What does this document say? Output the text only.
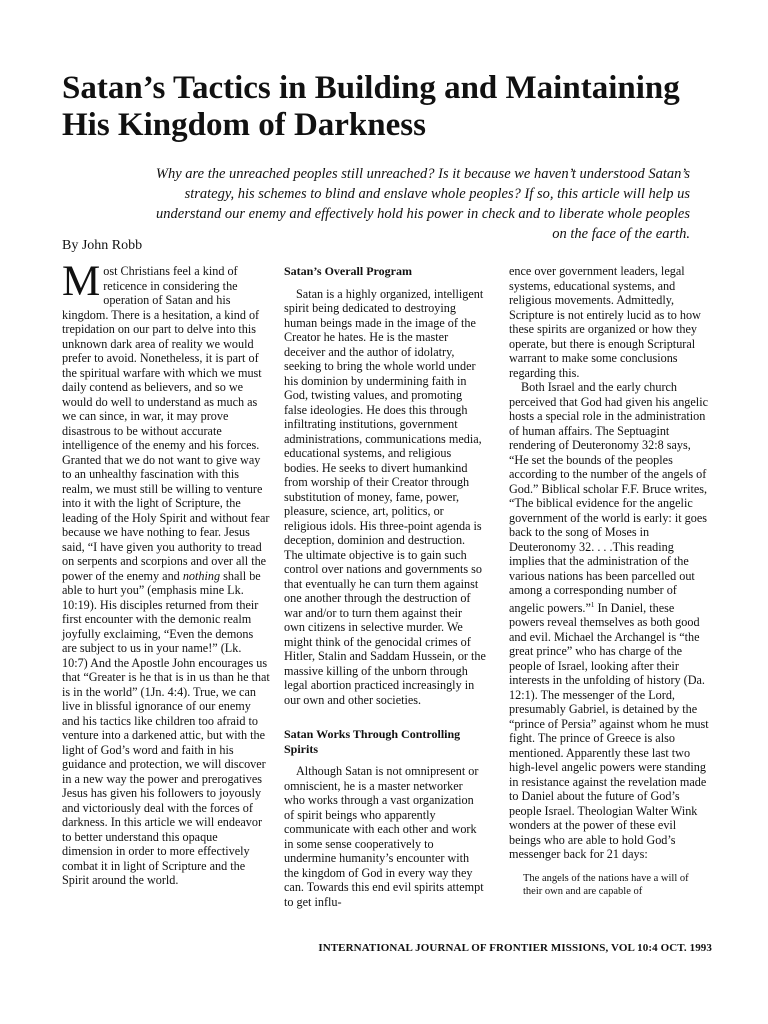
Satan’s Tactics in Building and Maintaining His Kingdom of Darkness

Why are the unreached peoples still unreached? Is it because we haven’t understood Satan’s strategy, his schemes to blind and enslave whole peoples? If so, this article will help us understand our enemy and effectively hold his power in check and to liberate whole peoples on the face of the earth.

By John Robb

Most Christians feel a kind of reticence in considering the operation of Satan and his kingdom. There is a hesitation, a kind of trepidation on our part to delve into this unknown dark area of reality we would prefer to avoid. Nonetheless, it is part of the spiritual warfare with which we must daily contend as believers, and so we would do well to understand as much as we can since, in war, it may prove disastrous to be without accurate intelligence of the enemy and his forces. Granted that we do not want to give way to an unhealthy fascination with this realm, we must still be willing to venture into it with the light of Scripture, the leading of the Holy Spirit and without fear because we have nothing to fear. Jesus said, “I have given you authority to tread on serpents and scorpions and over all the power of the enemy and nothing shall be able to hurt you” (emphasis mine Lk. 10:19). His disciples returned from their first encounter with the demonic realm joyfully exclaiming, “Even the demons are subject to us in your name!” (Lk. 10:7) And the Apostle John encourages us that “Greater is he that is in us than he that is in the world” (1Jn. 4:4). True, we can live in blissful ignorance of our enemy and his tactics like children too afraid to venture into a darkened attic, but with the light of God’s word and faith in his guidance and protection, we will discover in a new way the power and prerogatives Jesus has given his followers to joyously and victoriously deal with the forces of darkness. In this article we will endeavor to better understand this opaque dimension in order to more effectively combat it in light of Scripture and the Spirit around the world.

Satan’s Overall Program

Satan is a highly organized, intelligent spirit being dedicated to destroying human beings made in the image of the Creator he hates. He is the master deceiver and the author of idolatry, seeking to bring the whole world under his dominion by undermining faith in God, twisting values, and promoting false ideologies. He does this through infiltrating institutions, government administrations, communications media, educational systems, and religious bodies. He seeks to divert humankind from worship of their Creator through substitution of money, fame, power, pleasure, science, art, politics, or religious idols. His three-point agenda is deception, dominion and destruction. The ultimate objective is to gain such control over nations and governments so that eventually he can turn them against one another through the destruction of war and/or to turn them against their own citizens in selective murder. We might think of the genocidal crimes of Hitler, Stalin and Saddam Hussein, or the massive killing of the unborn through legal abortion practiced increasingly in our own and other societies.

Satan Works Through Controlling Spirits

Although Satan is not omnipresent or omniscient, he is a master networker who works through a vast organization of spirit beings who apparently communicate with each other and work in some sense cooperatively to undermine humanity’s encounter with the kingdom of God in every way they can. Towards this end evil spirits attempt to get influ-

ence over government leaders, legal systems, educational systems, and religious movements. Admittedly, Scripture is not entirely lucid as to how these spirits are organized or how they operate, but there is enough Scriptural warrant to make some conclusions regarding this.

Both Israel and the early church perceived that God had given his angelic hosts a special role in the administration of human affairs. The Septuagint rendering of Deuteronomy 32:8 says, “He set the bounds of the peoples according to the number of the angels of God.” Biblical scholar F.F. Bruce writes, “The biblical evidence for the angelic government of the world is early: it goes back to the song of Moses in Deuteronomy 32. . . .This reading implies that the administration of the various nations has been parcelled out among a corresponding number of angelic powers.”$^1$ In Daniel, these powers reveal themselves as both good and evil. Michael the Archangel is “the great prince” who has charge of the people of Israel, looking after their interests in the unfolding of history (Da. 12:1). The messenger of the Lord, presumably Gabriel, is detained by the “prince of Persia” against whom he must fight. The prince of Greece is also mentioned. Apparently these last two high-level angelic powers were standing in resistance against the revelation made to Daniel about the future of God’s people Israel. Theologian Walter Wink wonders at the power of these evil beings who are able to hold God’s messenger back for 21 days:

The angels of the nations have a will of their own and are capable of

INTERNATIONAL JOURNAL OF FRONTIER MISSIONS, VOL 10:4 OCT. 1993
